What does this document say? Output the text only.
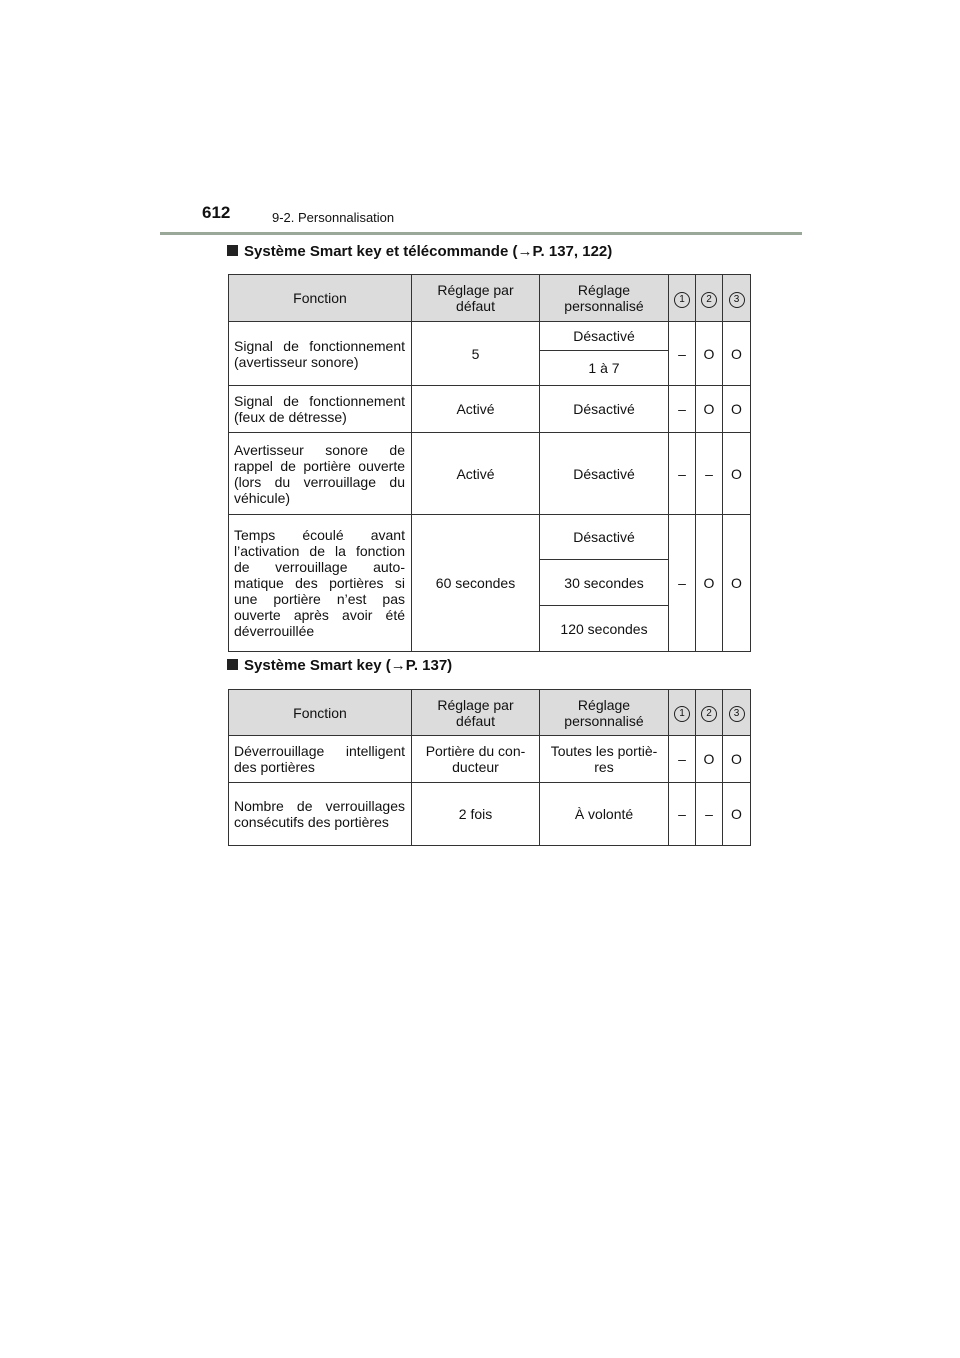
612	9-2. Personnalisation
Système Smart key et télécommande (→P. 137, 122)
Fonction	Réglage par défaut	Réglage personnalisé	1	2	3
Signal de fonctionnement (avertisseur sonore)	5	Désactivé	–	O	O
		1 à 7			
Signal de fonctionnement (feux de détresse)	Activé	Désactivé	–	O	O
Avertisseur sonore de rappel de portière ouverte (lors du verrouillage du véhicule)	Activé	Désactivé	–	–	O
Temps écoulé avant l’activation de la fonction de verrouillage automatique des portières si une portière n’est pas ouverte après avoir été déverrouillée	60 secondes	Désactivé	–	O	O
		30 secondes			
		120 secondes			
Système Smart key (→P. 137)
Fonction	Réglage par défaut	Réglage personnalisé	1	2	3
Déverrouillage intelligent des portières	Portière du conducteur	Toutes les portières	–	O	O
Nombre de verrouillages consécutifs des portières	2 fois	À volonté	–	–	O
